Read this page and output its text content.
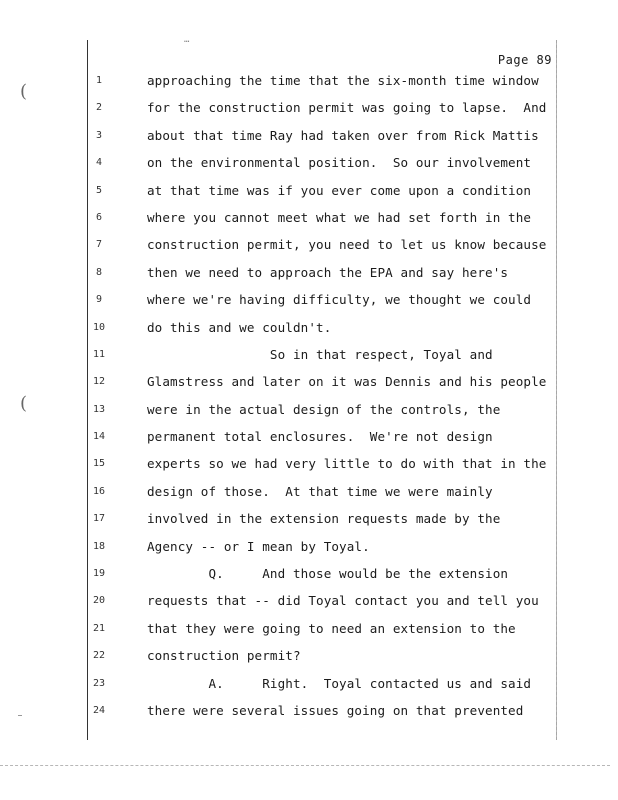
…
Page 89
(
(
1	approaching the time that the six-month time window
2	for the construction permit was going to lapse.  And
3	about that time Ray had taken over from Rick Mattis
4	on the environmental position.  So our involvement
5	at that time was if you ever come upon a condition
6	where you cannot meet what we had set forth in the
7	construction permit, you need to let us know because
8	then we need to approach the EPA and say here's
9	where we're having difficulty, we thought we could
10	do this and we couldn't.
11	So in that respect, Toyal and
12	Glamstress and later on it was Dennis and his people
13	were in the actual design of the controls, the
14	permanent total enclosures.  We're not design
15	experts so we had very little to do with that in the
16	design of those.  At that time we were mainly
17	involved in the extension requests made by the
18	Agency -- or I mean by Toyal.
19	Q.     And those would be the extension
20	requests that -- did Toyal contact you and tell you
21	that they were going to need an extension to the
22	construction permit?
23	A.     Right.  Toyal contacted us and said
24	there were several issues going on that prevented
